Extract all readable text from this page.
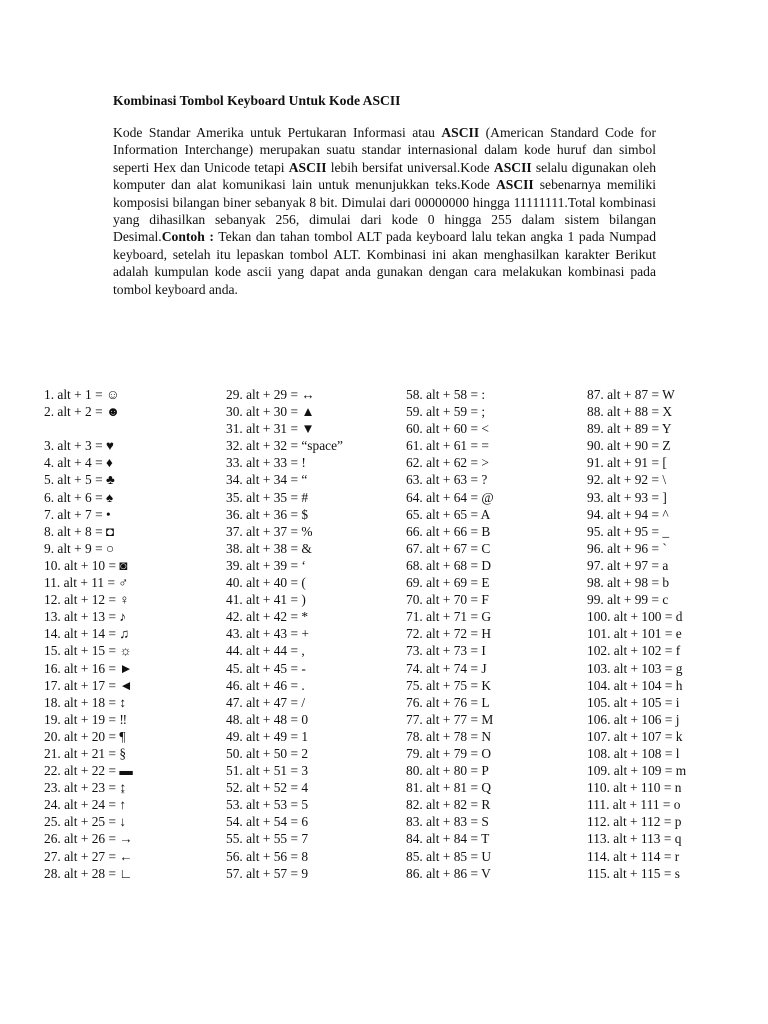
Kombinasi Tombol Keyboard Untuk Kode ASCII
Kode Standar Amerika untuk Pertukaran Informasi atau ASCII (American Standard Code for Information Interchange) merupakan suatu standar internasional dalam kode huruf dan simbol seperti Hex dan Unicode tetapi ASCII lebih bersifat universal.Kode ASCII selalu digunakan oleh komputer dan alat komunikasi lain untuk menunjukkan teks.Kode ASCII sebenarnya memiliki komposisi bilangan biner sebanyak 8 bit. Dimulai dari 00000000 hingga 11111111.Total kombinasi yang dihasilkan sebanyak 256, dimulai dari kode 0 hingga 255 dalam sistem bilangan Desimal.Contoh : Tekan dan tahan tombol ALT pada keyboard lalu tekan angka 1 pada Numpad keyboard, setelah itu lepaskan tombol ALT. Kombinasi ini akan menghasilkan karakter Berikut adalah kumpulan kode ascii yang dapat anda gunakan dengan cara melakukan kombinasi pada tombol keyboard anda.
1. alt + 1 = ☺
2. alt + 2 = ☻
3. alt + 3 = ♥
4. alt + 4 = ♦
5. alt + 5 = ♣
6. alt + 6 = ♠
7. alt + 7 = •
8. alt + 8 = ◘
9. alt + 9 = ○
10. alt + 10 = ◙
11. alt + 11 = ♂
12. alt + 12 = ♀
13. alt + 13 = ♪
14. alt + 14 = ♫
15. alt + 15 = ☼
16. alt + 16 = ►
17. alt + 17 = ◄
18. alt + 18 = ↕
19. alt + 19 = ‼
20. alt + 20 = ¶
21. alt + 21 = §
22. alt + 22 = ▬
23. alt + 23 = ↨
24. alt + 24 = ↑
25. alt + 25 = ↓
26. alt + 26 = →
27. alt + 27 = ←
28. alt + 28 = ∟
29. alt + 29 = ↔
30. alt + 30 = ▲
31. alt + 31 = ▼
32. alt + 32 = “space”
33. alt + 33 = !
34. alt + 34 = “
35. alt + 35 = #
36. alt + 36 = $
37. alt + 37 = %
38. alt + 38 = &
39. alt + 39 = ‘
40. alt + 40 = (
41. alt + 41 = )
42. alt + 42 = *
43. alt + 43 = +
44. alt + 44 = ,
45. alt + 45 = -
46. alt + 46 = .
47. alt + 47 = /
48. alt + 48 = 0
49. alt + 49 = 1
50. alt + 50 = 2
51. alt + 51 = 3
52. alt + 52 = 4
53. alt + 53 = 5
54. alt + 54 = 6
55. alt + 55 = 7
56. alt + 56 = 8
57. alt + 57 = 9
58. alt + 58 = :
59. alt + 59 = ;
60. alt + 60 = <
61. alt + 61 = =
62. alt + 62 = >
63. alt + 63 = ?
64. alt + 64 = @
65. alt + 65 = A
66. alt + 66 = B
67. alt + 67 = C
68. alt + 68 = D
69. alt + 69 = E
70. alt + 70 = F
71. alt + 71 = G
72. alt + 72 = H
73. alt + 73 = I
74. alt + 74 = J
75. alt + 75 = K
76. alt + 76 = L
77. alt + 77 = M
78. alt + 78 = N
79. alt + 79 = O
80. alt + 80 = P
81. alt + 81 = Q
82. alt + 82 = R
83. alt + 83 = S
84. alt + 84 = T
85. alt + 85 = U
86. alt + 86 = V
87. alt + 87 = W
88. alt + 88 = X
89. alt + 89 = Y
90. alt + 90 = Z
91. alt + 91 = [
92. alt + 92 = \
93. alt + 93 = ]
94. alt + 94 = ^
95. alt + 95 = _
96. alt + 96 = `
97. alt + 97 = a
98. alt + 98 = b
99. alt + 99 = c
100. alt + 100 = d
101. alt + 101 = e
102. alt + 102 = f
103. alt + 103 = g
104. alt + 104 = h
105. alt + 105 = i
106. alt + 106 = j
107. alt + 107 = k
108. alt + 108 = l
109. alt + 109 = m
110. alt + 110 = n
111. alt + 111 = o
112. alt + 112 = p
113. alt + 113 = q
114. alt + 114 = r
115. alt + 115 = s
